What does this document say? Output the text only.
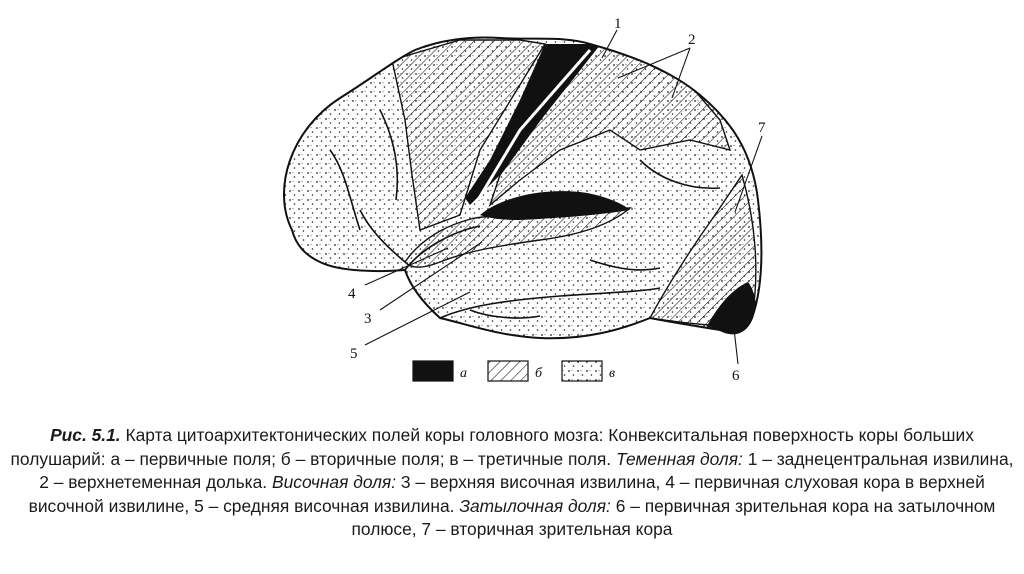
1
2
7
4
3
5
6
а	б	в
Рис. 5.1. Карта цитоархитектонических полей коры головного мозга: Конвекситальная поверхность коры больших полушарий: а – первичные поля; б – вторичные поля; в – третичные поля. Теменная доля: 1 – заднецентральная извилина, 2 – верхнетеменная долька. Височная доля: 3 – верхняя височная извилина, 4 – первичная слуховая кора в верхней височной извилине, 5 – средняя височная извилина. Затылочная доля: 6 – первичная зрительная кора на затылочном полюсе, 7 – вторичная зрительная кора
